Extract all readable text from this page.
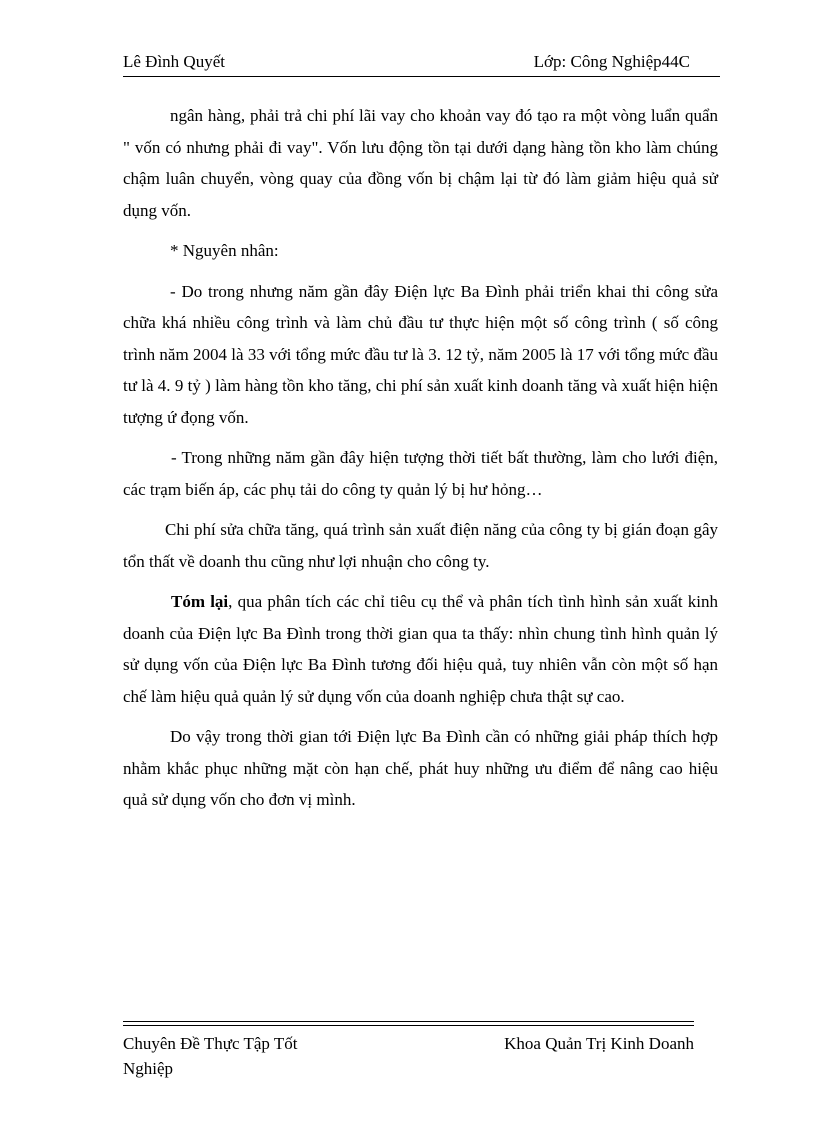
Lê Đình Quyết	Lớp: Công Nghiệp44C

ngân hàng, phải trả chi phí lãi vay cho khoản vay đó tạo ra một vòng luẩn quẩn " vốn có nhưng phải đi vay". Vốn lưu động tồn tại dưới dạng hàng tồn kho làm chúng chậm luân chuyển, vòng quay của đồng vốn bị chậm lại từ đó làm giảm hiệu quả sử dụng vốn.

* Nguyên nhân:

- Do trong nhưng năm gần đây Điện lực Ba Đình phải triển khai thi công sửa chữa khá nhiều công trình và làm chủ đầu tư thực hiện một số công trình ( số công trình năm 2004 là 33 với tổng mức đầu tư là 3. 12 tỷ, năm 2005 là 17 với tổng mức đầu tư là 4. 9 tỷ ) làm hàng tồn kho tăng, chi phí sản xuất kinh doanh tăng và xuất hiện hiện tượng ứ đọng vốn.

- Trong những năm gần đây hiện tượng thời tiết bất thường, làm cho lưới điện, các trạm biến áp, các phụ tải do công ty quản lý bị hư hỏng…

Chi phí sửa chữa tăng, quá trình sản xuất điện năng của công ty bị gián đoạn gây tổn thất về doanh thu cũng như lợi nhuận cho công ty.

Tóm lại, qua phân tích các chỉ tiêu cụ thể và phân tích tình hình sản xuất kinh doanh của Điện lực Ba Đình trong thời gian qua ta thấy: nhìn chung tình hình quản lý sử dụng vốn của Điện lực Ba Đình tương đối hiệu quả, tuy nhiên vẫn còn một số hạn chế làm hiệu quả quản lý sử dụng vốn của doanh nghiệp chưa thật sự cao.

Do vậy trong thời gian tới Điện lực Ba Đình cần có những giải pháp thích hợp nhằm khắc phục những mặt còn hạn chế, phát huy những ưu điểm để nâng cao hiệu quả sử dụng vốn cho đơn vị mình.

Chuyên Đề Thực Tập Tốt Nghiệp
Khoa Quản Trị Kinh Doanh
